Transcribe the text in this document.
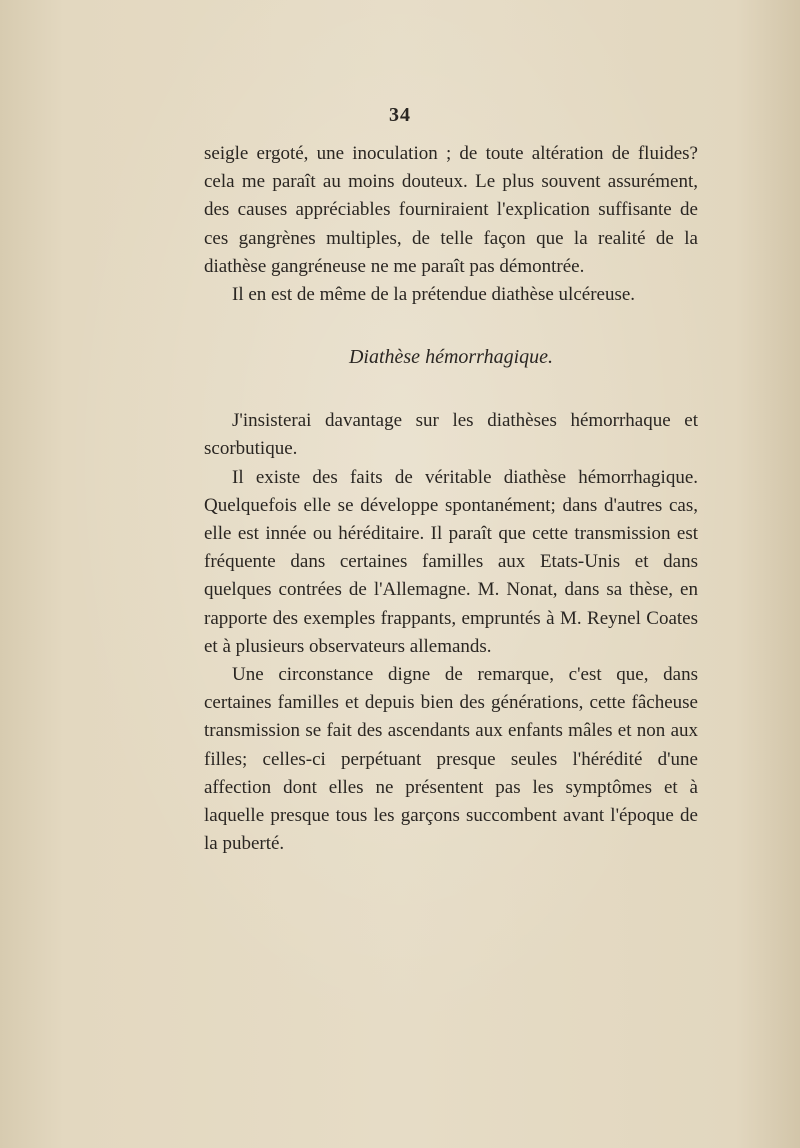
34

seigle ergoté, une inoculation ; de toute altération de fluides? cela me paraît au moins douteux. Le plus souvent assurément, des causes appréciables fourniraient l'explication suffisante de ces gangrènes multiples, de telle façon que la realité de la diathèse gangréneuse ne me paraît pas démontrée.

Il en est de même de la prétendue diathèse ulcéreuse.

Diathèse hémorrhagique.

J'insisterai davantage sur les diathèses hémorrhaque et scorbutique.

Il existe des faits de véritable diathèse hémorrhagique. Quelquefois elle se développe spontanément; dans d'autres cas, elle est innée ou héréditaire. Il paraît que cette transmission est fréquente dans certaines familles aux Etats-Unis et dans quelques contrées de l'Allemagne. M. Nonat, dans sa thèse, en rapporte des exemples frappants, empruntés à M. Reynel Coates et à plusieurs observateurs allemands.

Une circonstance digne de remarque, c'est que, dans certaines familles et depuis bien des générations, cette fâcheuse transmission se fait des ascendants aux enfants mâles et non aux filles; celles-ci perpétuant presque seules l'hérédité d'une affection dont elles ne présentent pas les symptômes et à laquelle presque tous les garçons succombent avant l'époque de la puberté.
